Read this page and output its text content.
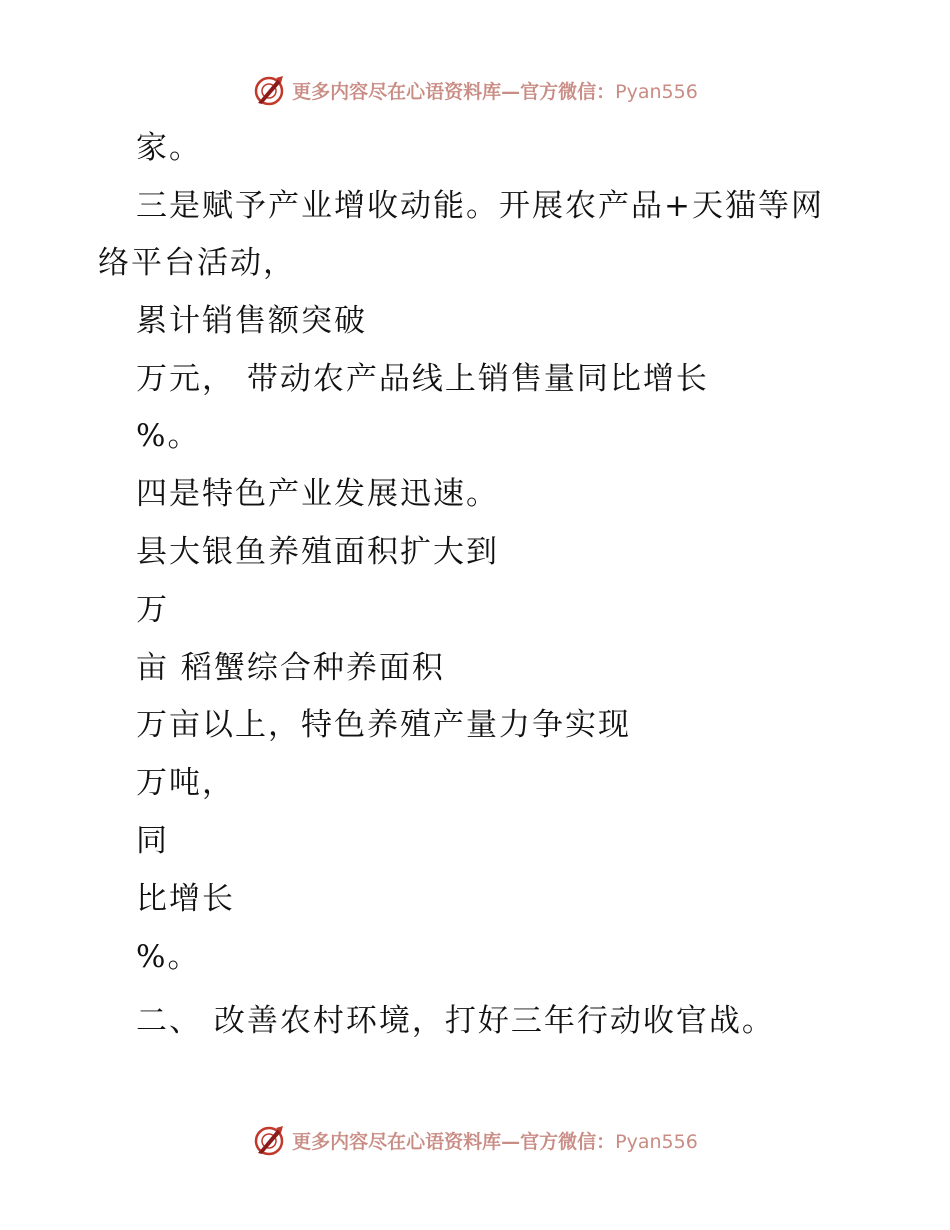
更多内容尽在心语资料库—官方微信：Pyan556
家。
三是赋予产业增收动能。开展农产品+天猫等网
络平台活动，
累计销售额突破
万元， 带动农产品线上销售量同比增长
%。
四是特色产业发展迅速。
县大银鱼养殖面积扩大到
万
亩 稻蟹综合种养面积
万亩以上，特色养殖产量力争实现
万吨，
同
比增长
%。
二、 改善农村环境，打好三年行动收官战。
更多内容尽在心语资料库—官方微信：Pyan556
